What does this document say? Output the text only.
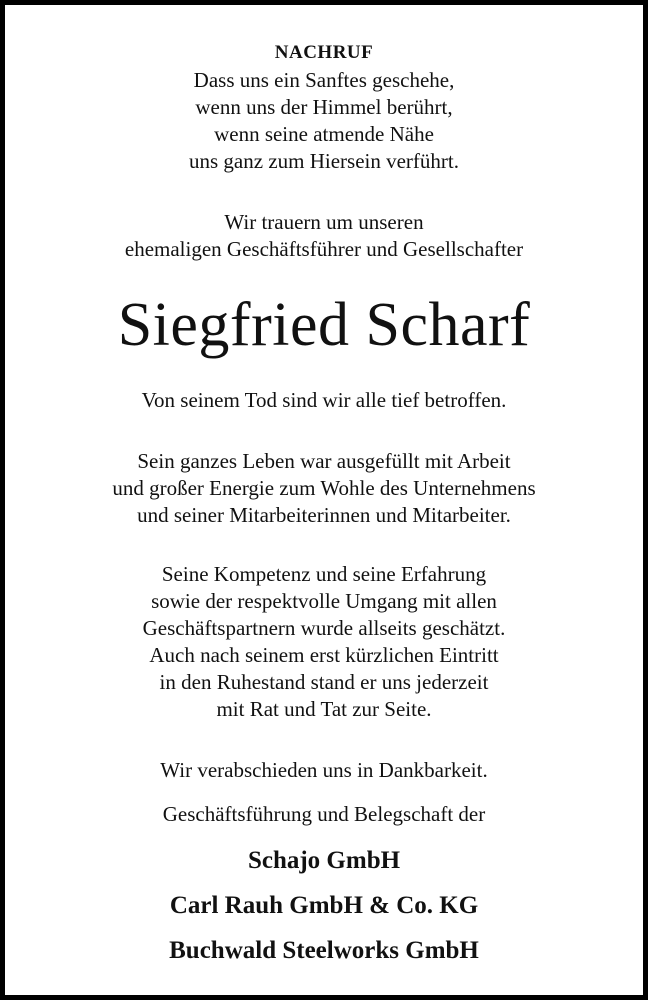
NACHRUF

Dass uns ein Sanftes geschehe,

wenn uns der Himmel berührt,

wenn seine atmende Nähe

uns ganz zum Hiersein verführt.

Wir trauern um unseren

ehemaligen Geschäftsführer und Gesellschafter

Siegfried Scharf

Von seinem Tod sind wir alle tief betroffen.

Sein ganzes Leben war ausgefüllt mit Arbeit

und großer Energie zum Wohle des Unternehmens

und seiner Mitarbeiterinnen und Mitarbeiter.

Seine Kompetenz und seine Erfahrung

sowie der respektvolle Umgang mit allen

Geschäftspartnern wurde allseits geschätzt.

Auch nach seinem erst kürzlichen Eintritt

in den Ruhestand stand er uns jederzeit

mit Rat und Tat zur Seite.

Wir verabschieden uns in Dankbarkeit.

Geschäftsführung und Belegschaft der

Schajo GmbH

Carl Rauh GmbH & Co. KG

Buchwald Steelworks GmbH
